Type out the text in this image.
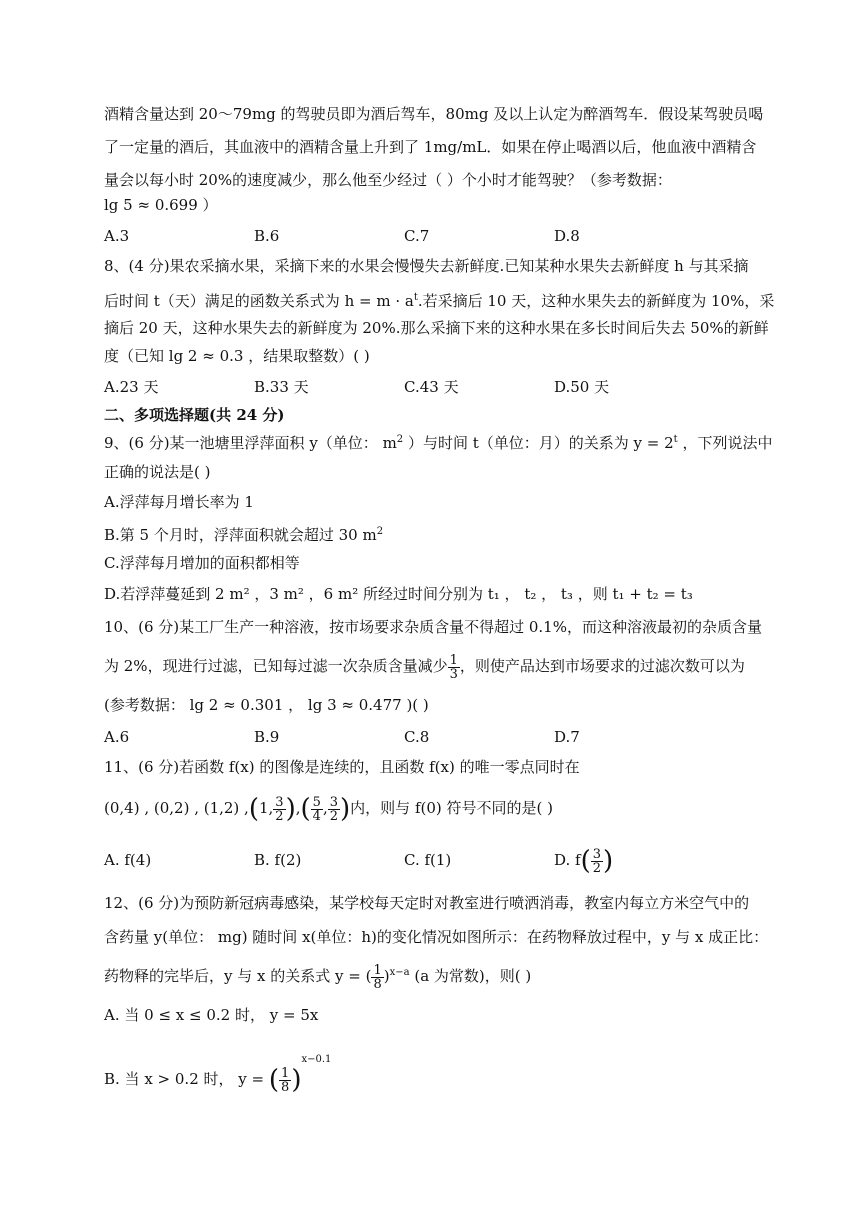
酒精含量达到 20～79mg 的驾驶员即为酒后驾车，80mg 及以上认定为醉酒驾车．假设某驾驶员喝
了一定量的酒后，其血液中的酒精含量上升到了 1mg/mL．如果在停止喝酒以后，他血液中酒精含
量会以每小时 20%的速度减少，那么他至少经过（ ）个小时才能驾驶？（参考数据：
lg 5 ≈ 0.699 ）
A.3	B.6	C.7	D.8
8、(4 分)果农采摘水果，采摘下来的水果会慢慢失去新鲜度.已知某种水果失去新鲜度 h 与其采摘
后时间 t（天）满足的函数关系式为 $h = m \cdot a^t$.若采摘后 10 天，这种水果失去的新鲜度为 10%，采
摘后 20 天，这种水果失去的新鲜度为 20%.那么采摘下来的这种水果在多长时间后失去 50%的新鲜
度（已知 lg 2 ≈ 0.3 ，结果取整数）( )
A.23 天	B.33 天	C.43 天	D.50 天
二、多项选择题(共 24 分)
9、(6 分)某一池塘里浮萍面积 y（单位： $m^2$ ）与时间 t（单位：月）的关系为 $y = 2^t$ ，下列说法中
正确的说法是( )
A.浮萍每月增长率为 1
B.第 5 个月时，浮萍面积就会超过 30 $m^2$
C.浮萍每月增加的面积都相等
D.若浮萍蔓延到 2 m² ，3 m² ，6 m² 所经过时间分别为 t₁ ， t₂ ， t₃ ，则 t₁ + t₂ = t₃
10、(6 分)某工厂生产一种溶液，按市场要求杂质含量不得超过 0.1%，而这种溶液最初的杂质含量
为 2%，现进行过滤，已知每过滤一次杂质含量减少 $\frac{1}{3}$ ，则使产品达到市场要求的过滤次数可以为
(参考数据： lg 2 ≈ 0.301 ， lg 3 ≈ 0.477 )( )
A.6	B.9	C.8	D.7
11、(6 分)若函数 f(x) 的图像是连续的，且函数 f(x) 的唯一零点同时在
(0,4) , (0,2) , (1,2) ,(1, $\frac{3}{2}$ ),( $\frac{5}{4}$ , $\frac{3}{2}$ )内，则与 f(0) 符号不同的是( )
A. f(4)	B. f(2)	C. f(1)	D. $f( \frac{3}{2}$ )
12、(6 分)为预防新冠病毒感染，某学校每天定时对教室进行喷洒消毒，教室内每立方米空气中的
含药量 y(单位： mg) 随时间 x(单位：h)的变化情况如图所示：在药物释放过程中，y 与 x 成正比：
药物释的完毕后，y 与 x 的关系式 y = ( $\frac{1}{8} )^{x-a}$ (a 为常数)，则( )
A. 当 0 ≤ x ≤ 0.2 时， y = 5x
B. 当 x > 0.2 时， y = ( $\frac{1}{8} )^{x-0.1}$
